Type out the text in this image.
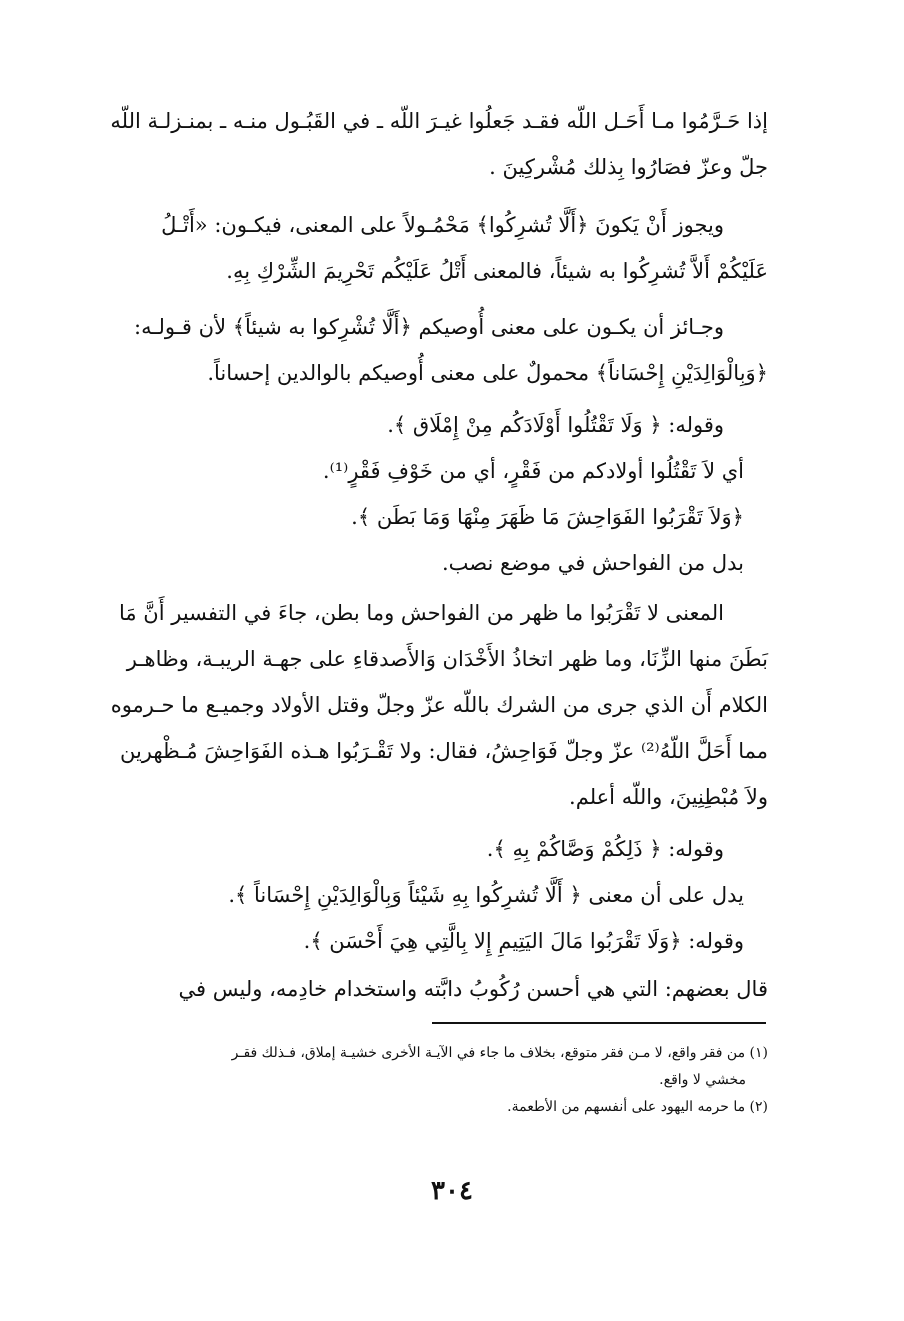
إذا حَـرَّمُوا مـا أَحَـل اللّه فقـد جَعلُوا غيـرَ اللّه ـ في القَبُـول منـه ـ بمنـزلـة اللّه

جلّ وعزّ فصَارُوا بِذلك مُشْركِينَ .

ويجوز أَنْ يَكونَ ﴿أَلَّا تُشرِكُوا﴾ مَحْمُـولاً على المعنى، فيكـون: «أَتْـلُ

عَلَيْكُمْ أَلاَّ تُشرِكُوا به شيئاً، فالمعنى أَتْلُ عَلَيْكُم تَحْرِيمَ الشِّرْكِ بِهِ.

وجـائز أن يكـون على معنى أُوصيكم ﴿أَلَّا تُشْرِكوا به شيئاً﴾ لأن قـولـه:

﴿وَبِالْوَالِدَيْنِ إِحْسَاناً﴾ محمولٌ على معنى أُوصيكم بالوالدين إحساناً.

وقوله: ﴿ وَلَا تَقْتُلُوا أَوْلَادَكُم مِنْ إِمْلَاق ﴾.

أي لاَ تَقْتُلُوا أولادكم من فَقْرٍ، أي من خَوْفِ فَقْرٍ⁽¹⁾.

﴿وَلاَ تَقْرَبُوا الفَوَاحِشَ مَا ظَهَرَ مِنْهَا وَمَا بَطَن ﴾.

بدل من الفواحش في موضع نصب.

المعنى لا تَقْرَبُوا ما ظهر من الفواحش وما بطن، جاءَ في التفسير أَنَّ مَا

بَطَنَ منها الزِّنَا، وما ظهر اتخاذُ الأَخْدَان وَالأَصدقاءِ على جهـة الريبـة، وظاهـر

الكلام أَن الذي جرى من الشرك باللّه عزّ وجلّ وقتل الأولاد وجميـع ما حـرموه

مما أَحَلَّ اللّهُ⁽²⁾ عزّ وجلّ فَوَاحِشُ، فقال: ولا تَقْـرَبُوا هـذه الفَوَاحِشَ مُـظْهرين

ولاَ مُبْطِنِينَ، واللّه أعلم.

وقوله: ﴿ ذَلِكُمْ وَصَّاكُمْ بِهِ ﴾.

يدل على أن معنى ﴿ أَلَّا تُشرِكُوا بِهِ شَيْئاً وَبِالْوَالِدَيْنِ إِحْسَاناً ﴾.

وقوله: ﴿وَلَا تَقْرَبُوا مَالَ اليَتِيمِ إِلا بِالَّتِي هِيَ أَحْسَن ﴾.

قال بعضهم: التي هي أحسن رُكُوبُ دابَّته واستخدام خادِمه، وليس في

(١) من فقر واقع، لا مـن فقر متوقع، بخلاف ما جاء في الآيـة الأخرى خشيـة إملاق، فـذلك فقـر
مخشي لا واقع.
(٢) ما حرمه اليهود على أنفسهم من الأطعمة.
٣٠٤
